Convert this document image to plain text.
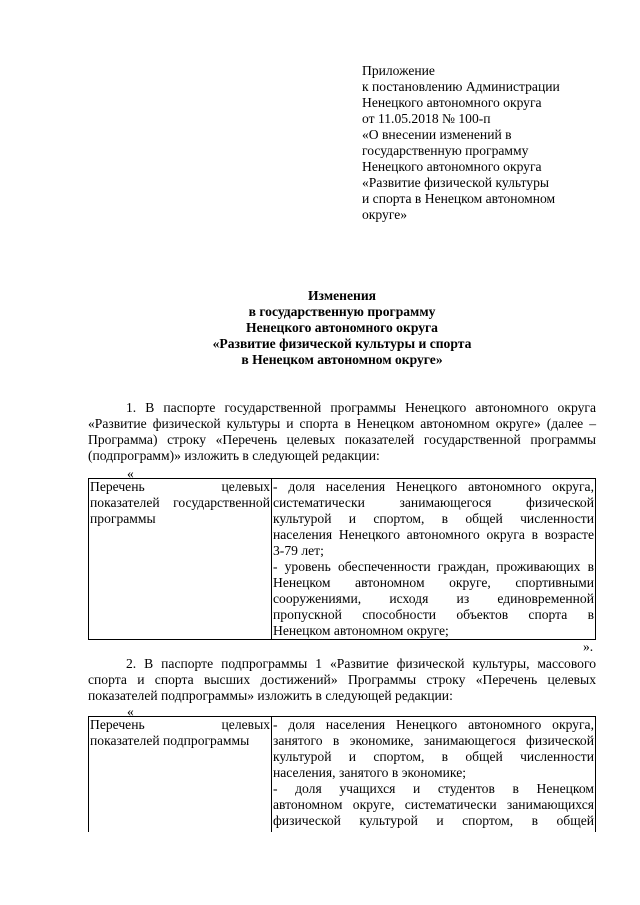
Приложение
к постановлению Администрации
Ненецкого автономного округа
от 11.05.2018 № 100-п
«О внесении изменений в
государственную программу
Ненецкого автономного округа
«Развитие физической культуры
и спорта в Ненецком автономном
округе»
Изменения
в государственную программу
Ненецкого автономного округа
«Развитие физической культуры и спорта
в Ненецком автономном округе»
1. В паспорте государственной программы Ненецкого автономного округа
«Развитие физической культуры и спорта в Ненецком автономном округе» (далее –
Программа) строку «Перечень целевых показателей государственной программы
(подпрограмм)» изложить в следующей редакции:
«
Перечень целевых
показателей государственной
программы

- доля населения Ненецкого автономного округа,
систематически занимающегося физической
культурой и спортом, в общей численности
населения Ненецкого автономного округа в возрасте
3-79 лет;
- уровень обеспеченности граждан, проживающих в
Ненецком автономном округе, спортивными
сооружениями, исходя из единовременной
пропускной способности объектов спорта в
Ненецком автономном округе;
».
2. В паспорте подпрограммы 1 «Развитие физической культуры, массового
спорта и спорта высших достижений» Программы строку «Перечень целевых
показателей подпрограммы» изложить в следующей редакции:
«
Перечень целевых
показателей подпрограммы

- доля населения Ненецкого автономного округа,
занятого в экономике, занимающегося физической
культурой и спортом, в общей численности
населения, занятого в экономике;
- доля учащихся и студентов в Ненецком
автономном округе, систематически занимающихся
физической культурой и спортом, в общей
